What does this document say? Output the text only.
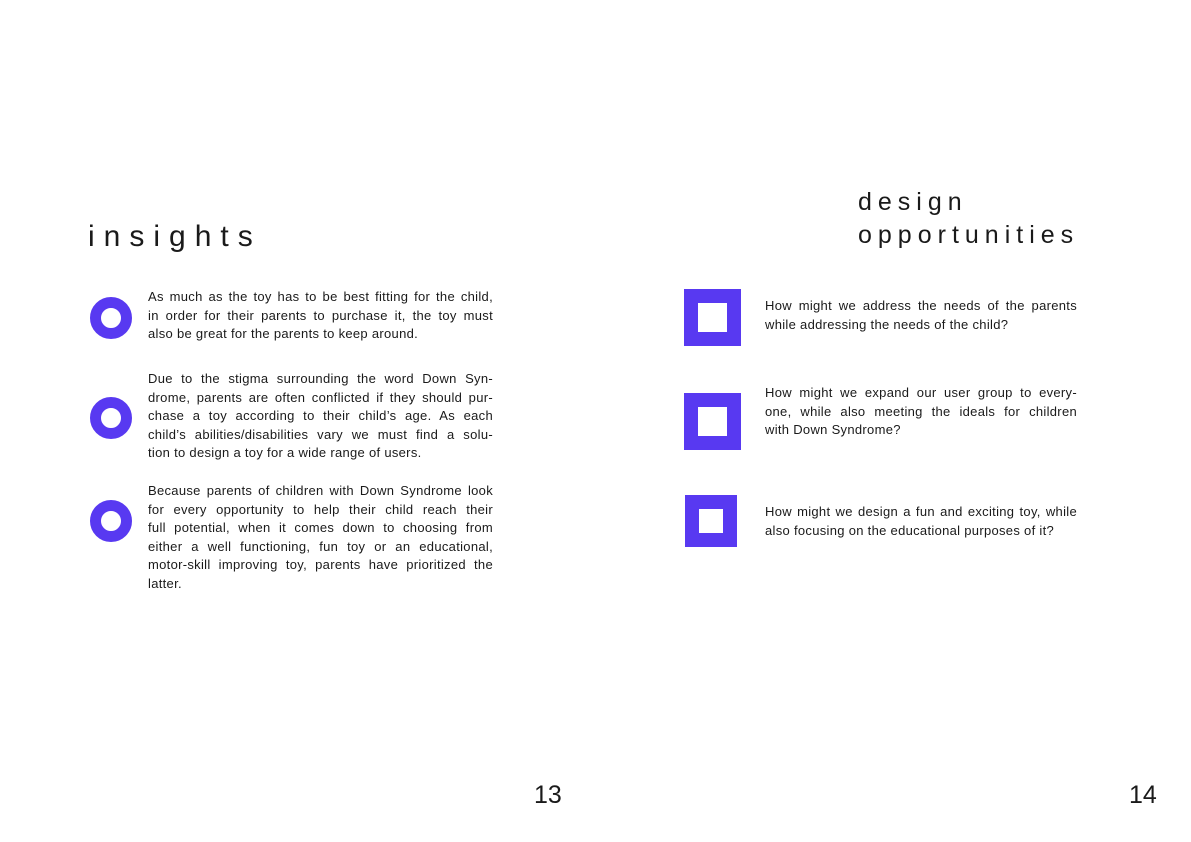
insights
As much as the toy has to be best fitting for the child,
in order for their parents to purchase it, the toy must
also be great for the parents to keep around.
Due to the stigma surrounding the word Down Syn-
drome, parents are often conflicted if they should pur-
chase a toy according to their child’s age. As each
child’s abilities/disabilities vary we must find a solu-
tion to design a toy for a wide range of users.
Because parents of children with Down Syndrome look
for every opportunity to help their child reach their
full potential, when it comes down to choosing from
either a well functioning, fun toy or an educational,
motor-skill improving toy, parents have prioritized the
latter.
13
design
opportunities
How might we address the needs of the parents
while addressing the needs of the child?
How might we expand our user group to every-
one, while also meeting the ideals for children
with Down Syndrome?
How might we design a fun and exciting toy, while
also focusing on the educational purposes of it?
14
